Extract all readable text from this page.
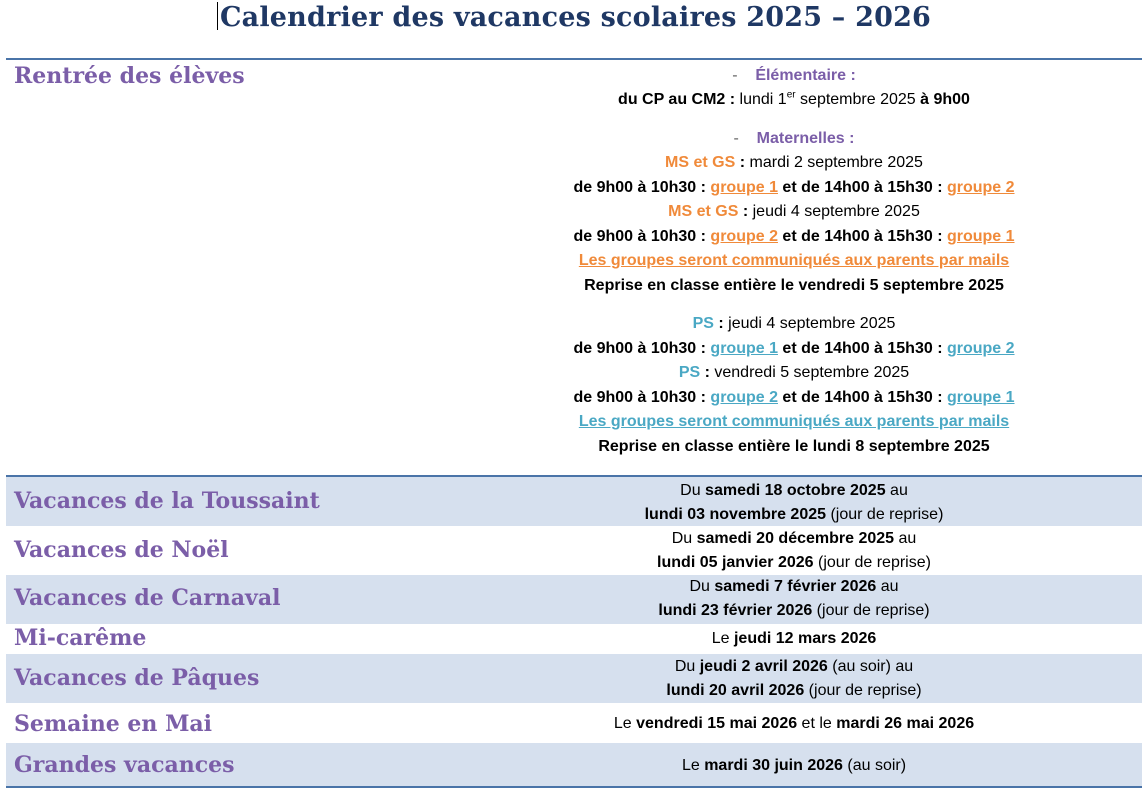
Calendrier des vacances scolaires 2025 – 2026
Rentrée des élèves	- Élémentaire :
du CP au CM2 : lundi 1er septembre 2025 à 9h00
- Maternelles :
MS et GS : mardi 2 septembre 2025
de 9h00 à 10h30 : groupe 1 et de 14h00 à 15h30 : groupe 2
MS et GS : jeudi 4 septembre 2025
de 9h00 à 10h30 : groupe 2 et de 14h00 à 15h30 : groupe 1
Les groupes seront communiqués aux parents par mails
Reprise en classe entière le vendredi 5 septembre 2025
PS : jeudi 4 septembre 2025
de 9h00 à 10h30 : groupe 1 et de 14h00 à 15h30 : groupe 2
PS : vendredi 5 septembre 2025
de 9h00 à 10h30 : groupe 2 et de 14h00 à 15h30 : groupe 1
Les groupes seront communiqués aux parents par mails
Reprise en classe entière le lundi 8 septembre 2025
Vacances de la Toussaint	Du samedi 18 octobre 2025 au
lundi 03 novembre 2025 (jour de reprise)
Vacances de Noël	Du samedi 20 décembre 2025 au
lundi 05 janvier 2026 (jour de reprise)
Vacances de Carnaval	Du samedi 7 février 2026 au
lundi 23 février 2026 (jour de reprise)
Mi-carême	Le jeudi 12 mars 2026
Vacances de Pâques	Du jeudi 2 avril 2026 (au soir) au
lundi 20 avril 2026 (jour de reprise)
Semaine en Mai	Le vendredi 15 mai 2026 et le mardi 26 mai 2026
Grandes vacances	Le mardi 30 juin 2026 (au soir)
